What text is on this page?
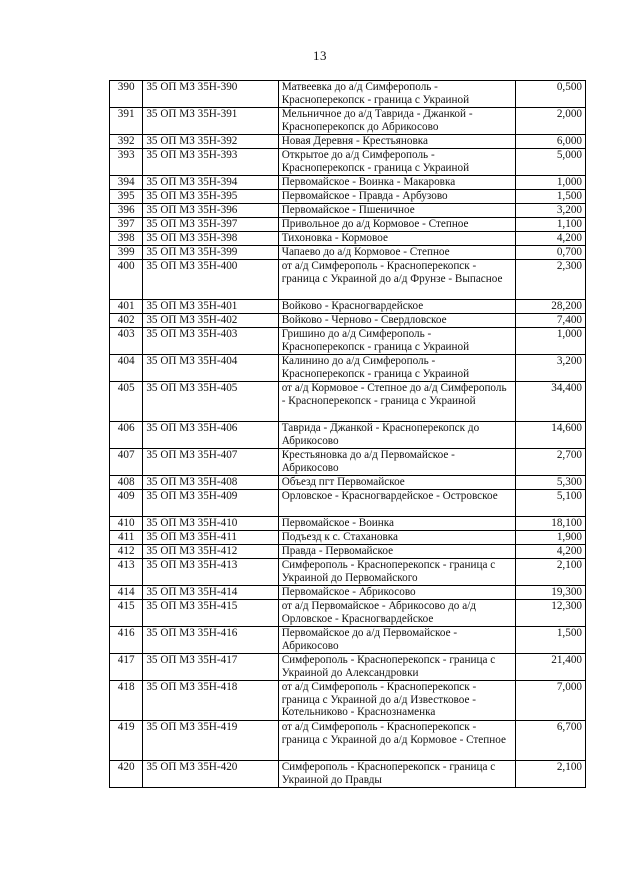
13
390	35 ОП МЗ 35Н-390	Матвеевка до а/д Симферополь - Красноперекопск - граница с Украиной	0,500
391	35 ОП МЗ 35Н-391	Мельничное до а/д Таврида - Джанкой - Красноперекопск до Абрикосово	2,000
392	35 ОП МЗ 35Н-392	Новая Деревня - Крестьяновка	6,000
393	35 ОП МЗ 35Н-393	Открытое до а/д Симферополь - Красноперекопск - граница с Украиной	5,000
394	35 ОП МЗ 35Н-394	Первомайское - Воинка - Макаровка	1,000
395	35 ОП МЗ 35Н-395	Первомайское - Правда - Арбузово	1,500
396	35 ОП МЗ 35Н-396	Первомайское - Пшеничное	3,200
397	35 ОП МЗ 35Н-397	Привольное до а/д Кормовое - Степное	1,100
398	35 ОП МЗ 35Н-398	Тихоновка - Кормовое	4,200
399	35 ОП МЗ 35Н-399	Чапаево до а/д Кормовое - Степное	0,700
400	35 ОП МЗ 35Н-400	от а/д Симферополь - Красноперекопск - граница с Украиной до а/д Фрунзе - Выпасное	2,300
401	35 ОП МЗ 35Н-401	Войково - Красногвардейское	28,200
402	35 ОП МЗ 35Н-402	Войково - Черново - Свердловское	7,400
403	35 ОП МЗ 35Н-403	Гришино до а/д Симферополь - Красноперекопск - граница с Украиной	1,000
404	35 ОП МЗ 35Н-404	Калинино до а/д Симферополь - Красноперекопск - граница с Украиной	3,200
405	35 ОП МЗ 35Н-405	от а/д Кормовое - Степное до а/д Симферополь - Красноперекопск - граница с Украиной	34,400
406	35 ОП МЗ 35Н-406	Таврида - Джанкой - Красноперекопск до Абрикосово	14,600
407	35 ОП МЗ 35Н-407	Крестьяновка до а/д Первомайское - Абрикосово	2,700
408	35 ОП МЗ 35Н-408	Объезд пгт Первомайское	5,300
409	35 ОП МЗ 35Н-409	Орловское - Красногвардейское - Островское	5,100
410	35 ОП МЗ 35Н-410	Первомайское - Воинка	18,100
411	35 ОП МЗ 35Н-411	Подъезд к с. Стахановка	1,900
412	35 ОП МЗ 35Н-412	Правда - Первомайское	4,200
413	35 ОП МЗ 35Н-413	Симферополь - Красноперекопск - граница с Украиной до Первомайского	2,100
414	35 ОП МЗ 35Н-414	Первомайское - Абрикосово	19,300
415	35 ОП МЗ 35Н-415	от а/д Первомайское - Абрикосово до а/д Орловское - Красногвардейское	12,300
416	35 ОП МЗ 35Н-416	Первомайское до а/д Первомайское - Абрикосово	1,500
417	35 ОП МЗ 35Н-417	Симферополь - Красноперекопск - граница с Украиной до Александровки	21,400
418	35 ОП МЗ 35Н-418	от а/д Симферополь - Красноперекопск - граница с Украиной до а/д Известковое - Котельниково - Краснознаменка	7,000
419	35 ОП МЗ 35Н-419	от а/д Симферополь - Красноперекопск - граница с Украиной до а/д Кормовое - Степное	6,700
420	35 ОП МЗ 35Н-420	Симферополь - Красноперекопск - граница с Украиной до Правды	2,100
